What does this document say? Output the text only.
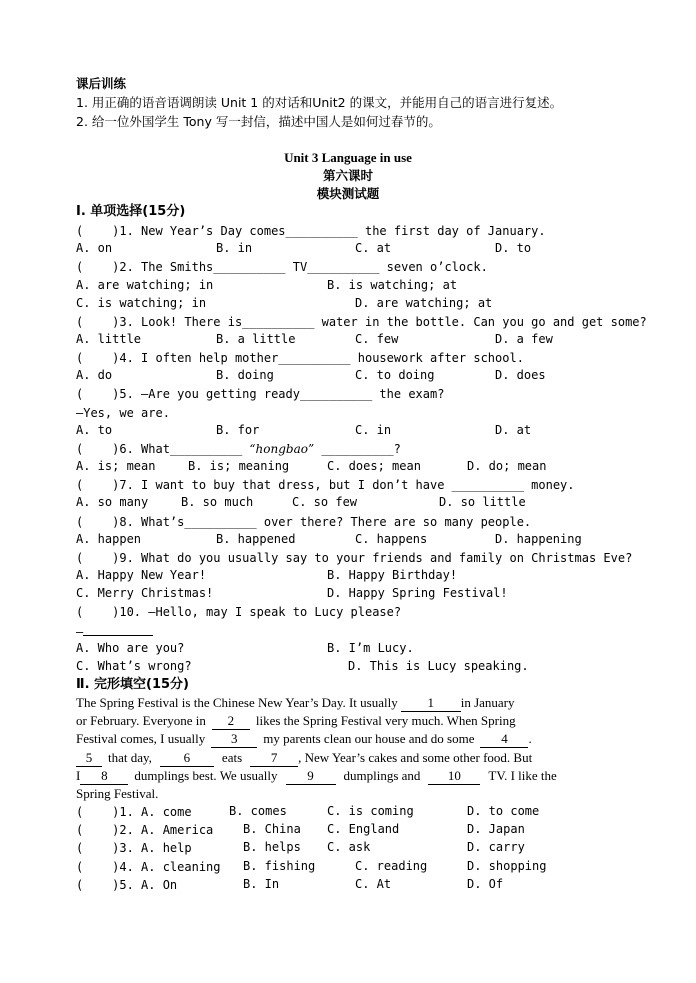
课后训练
1. 用正确的语音语调朗读 Unit 1 的对话和Unit2 的课文，并能用自己的语言进行复述。
2. 给一位外国学生 Tony 写一封信，描述中国人是如何过春节的。
Unit 3 Language in use
第六课时
模块测试题
Ⅰ. 单项选择(15分)
(    )1. New Year’s Day comes__________ the first day of January.
A. on	B. in	C. at	D. to
(    )2. The Smiths__________ TV__________ seven o’clock.
A. are watching; in	B. is watching; at
C. is watching; in	D. are watching; at
(    )3. Look! There is__________ water in the bottle. Can you go and get some?
A. little	B. a little	C. few	D. a few
(    )4. I often help mother__________ housework after school.
A. do	B. doing	C. to doing	D. does
(    )5. —Are you getting ready__________ the exam?
—Yes, we are.
A. to	B. for	C. in	D. at
(    )6. What__________ “hongbao” __________?
A. is; mean	B. is; meaning	C. does; mean	D. do; mean
(    )7. I want to buy that dress, but I don’t have __________ money.
A. so many	B. so much	C. so few	D. so little
(    )8. What’s__________ over there? There are so many people.
A. happen	B. happened	C. happens	D. happening
(    )9. What do you usually say to your friends and family on Christmas Eve?
A. Happy New Year!	B. Happy Birthday!
C. Merry Christmas!	D. Happy Spring Festival!
(    )10. —Hello, may I speak to Lucy please?
—
A. Who are you?	B. I’m Lucy.
C. What’s wrong?	D. This is Lucy speaking.
Ⅱ. 完形填空(15分)
The Spring Festival is the Chinese New Year’s Day. It usually 1 in January
or February. Everyone in 2 likes the Spring Festival very much. When Spring
Festival comes, I usually 3 my parents clean our house and do some 4 .
5 that day, 6 eats 7 , New Year’s cakes and some other food. But
I 8 dumplings best. We usually 9 dumplings and 10 TV. I like the
Spring Festival.
(    )1. A. come	B. comes	C. is coming	D. to come
(    )2. A. America B. China C. England	D. Japan
(    )3. A. help	B. helps C. ask	D. carry
(    )4. A. cleaning B. fishing	C. reading	D. shopping
(    )5. A. On	B. In	C. At	D. Of
